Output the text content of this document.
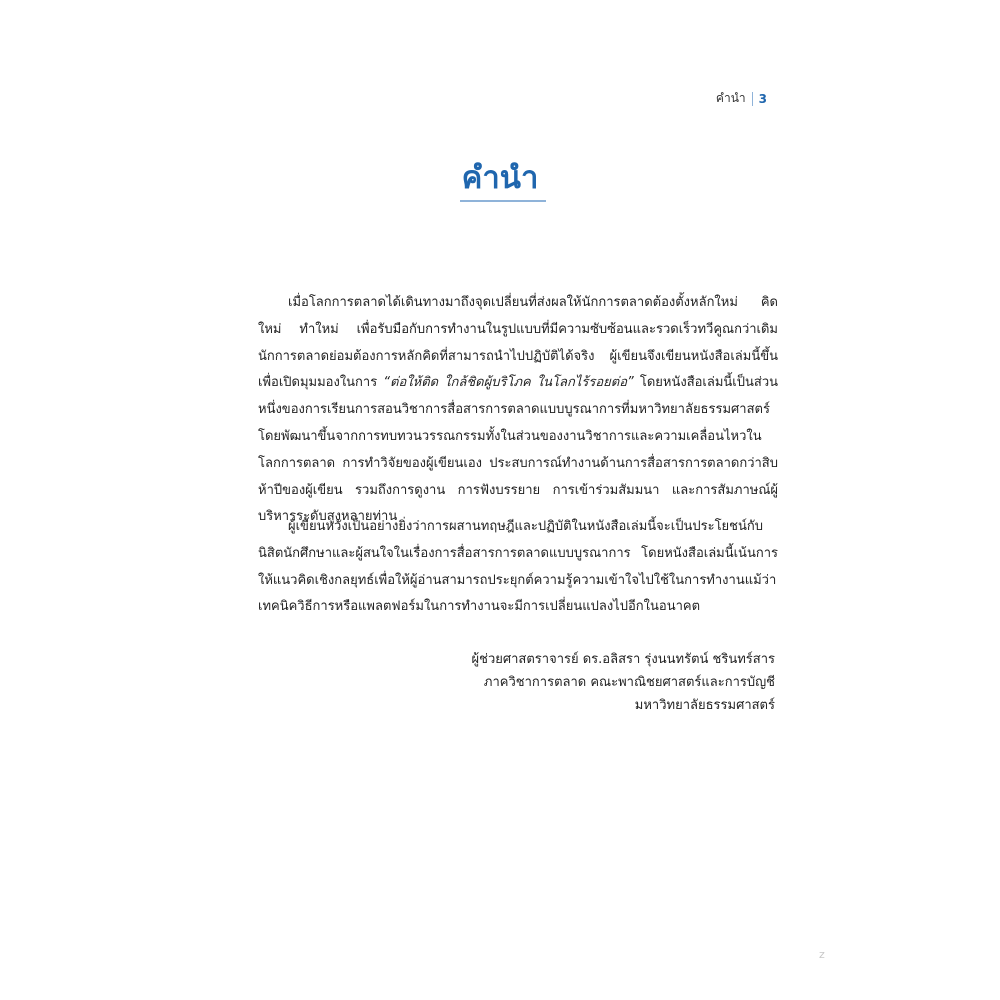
คำนำ 3
คำนำ
เมื่อโลกการตลาดได้เดินทางมาถึงจุดเปลี่ยนที่ส่งผลให้นักการตลาดต้องตั้งหลักใหม่ คิดใหม่ ทำใหม่ เพื่อรับมือกับการทำงานในรูปแบบที่มีความซับซ้อนและรวดเร็วทวีคูณกว่าเดิม นักการตลาดย่อมต้องการหลักคิดที่สามารถนำไปปฏิบัติได้จริง ผู้เขียนจึงเขียนหนังสือเล่มนี้ขึ้นเพื่อเปิดมุมมองในการ “ต่อให้ติด ใกล้ชิดผู้บริโภค ในโลกไร้รอยต่อ” โดยหนังสือเล่มนี้เป็นส่วนหนึ่งของการเรียนการสอนวิชาการสื่อสารการตลาดแบบบูรณาการที่มหาวิทยาลัยธรรมศาสตร์ โดยพัฒนาขึ้นจากการทบทวนวรรณกรรมทั้งในส่วนของงานวิชาการและความเคลื่อนไหวในโลกการตลาด การทำวิจัยของผู้เขียนเอง ประสบการณ์ทำงานด้านการสื่อสารการตลาดกว่าสิบห้าปีของผู้เขียน รวมถึงการดูงาน การฟังบรรยาย การเข้าร่วมสัมมนา และการสัมภาษณ์ผู้บริหารระดับสูงหลายท่าน
ผู้เขียนหวังเป็นอย่างยิ่งว่าการผสานทฤษฎีและปฏิบัติในหนังสือเล่มนี้จะเป็นประโยชน์กับนิสิตนักศึกษาและผู้สนใจในเรื่องการสื่อสารการตลาดแบบบูรณาการ โดยหนังสือเล่มนี้เน้นการให้แนวคิดเชิงกลยุทธ์เพื่อให้ผู้อ่านสามารถประยุกต์ความรู้ความเข้าใจไปใช้ในการทำงานแม้ว่าเทคนิควิธีการหรือแพลตฟอร์มในการทำงานจะมีการเปลี่ยนแปลงไปอีกในอนาคต
ผู้ช่วยศาสตราจารย์ ดร.อลิสรา รุ่งนนทรัตน์ ชรินทร์สาร
ภาควิชาการตลาด คณะพาณิชยศาสตร์และการบัญชี
มหาวิทยาลัยธรรมศาสตร์
z
